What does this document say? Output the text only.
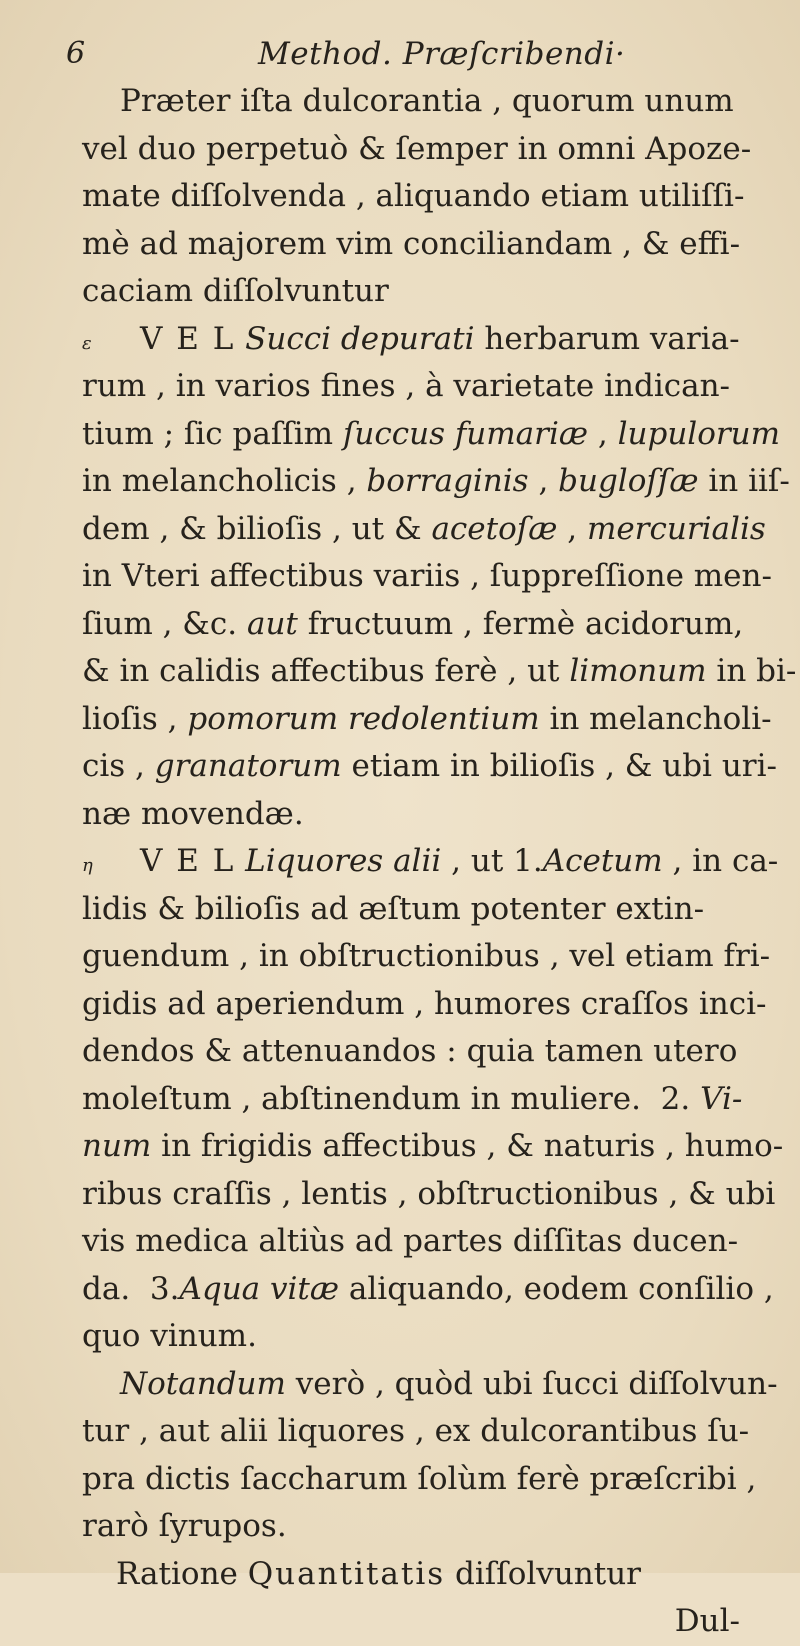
6	Method. Præſcribendi·
Præter iſta dulcorantia , quorum unum
vel duo perpetuò & ſemper in omni Apoze-
mate diſſolvenda , aliquando etiam utiliſſi-
mè ad majorem vim conciliandam , & effi-
caciam diſſolvuntur
ε V E L Succi depurati herbarum varia-
rum , in varios fines , à varietate indican-
tium ; ſic paſſim ſuccus fumariæ , lupulorum
in melancholicis , borraginis , bugloſſæ in iiſ-
dem , & bilioſis , ut & acetoſæ , mercurialis
in Vteri affectibus variis , ſuppreſſione men-
ſium , &c. aut fructuum , fermè acidorum,
& in calidis affectibus ferè , ut limonum in bi-
lioſis , pomorum redolentium in melancholi-
cis , granatorum etiam in bilioſis , & ubi uri-
næ movendæ.
η V E L Liquores alii , ut 1.Acetum , in ca-
lidis & bilioſis ad æſtum potenter extin-
guendum , in obſtructionibus , vel etiam fri-
gidis ad aperiendum , humores craſſos inci-
dendos & attenuandos : quia tamen utero
moleſtum , abſtinendum in muliere.  2. Vi-
num in frigidis affectibus , & naturis , humo-
ribus craſſis , lentis , obſtructionibus , & ubi
vis medica altiùs ad partes diſſitas ducen-
da.  3.Aqua vitæ aliquando, eodem conſilio ,
quo vinum.
Notandum verò , quòd ubi ſucci diſſolvun-
tur , aut alii liquores , ex dulcorantibus ſu-
pra dictis ſaccharum ſolùm ferè præſcribi ,
rarò ſyrupos.
Ratione Quantitatis diſſolvuntur
Dul-
